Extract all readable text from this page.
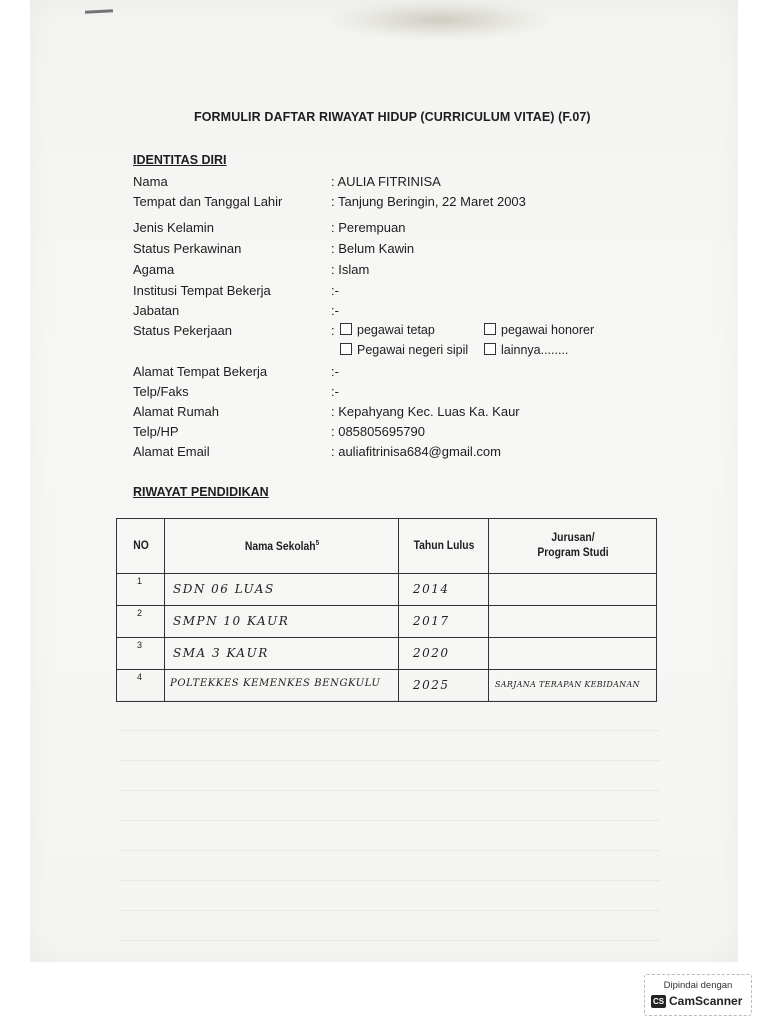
FORMULIR DAFTAR RIWAYAT HIDUP (CURRICULUM VITAE) (F.07)
IDENTITAS DIRI
Nama	: AULIA FITRINISA
Tempat dan Tanggal Lahir	: Tanjung Beringin, 22 Maret 2003
Jenis Kelamin	: Perempuan
Status Perkawinan	: Belum Kawin
Agama	: Islam
Institusi Tempat Bekerja	:-
Jabatan	:-
Status Pekerjaan	:	pegawai tetap	pegawai honorer
Pegawai negeri sipil	lainnya........
Alamat Tempat Bekerja	:-
Telp/Faks	:-
Alamat Rumah	: Kepahyang Kec. Luas Ka. Kaur
Telp/HP	: 085805695790
Alamat Email	: auliafitrinisa684@gmail.com
RIWAYAT PENDIDIKAN
NO	Nama Sekolah$^5$	Tahun Lulus	Jurusan/
Program Studi

1	SDN 06 LUAS	2014	

2	SMPN 10 KAUR	2017	

3	SMA 3 KAUR	2020	

4	POLTEKKES KEMENKES BENGKULU	2025	SARJANA TERAPAN KEBIDANAN
Dipindai dengan
CS CamScanner
